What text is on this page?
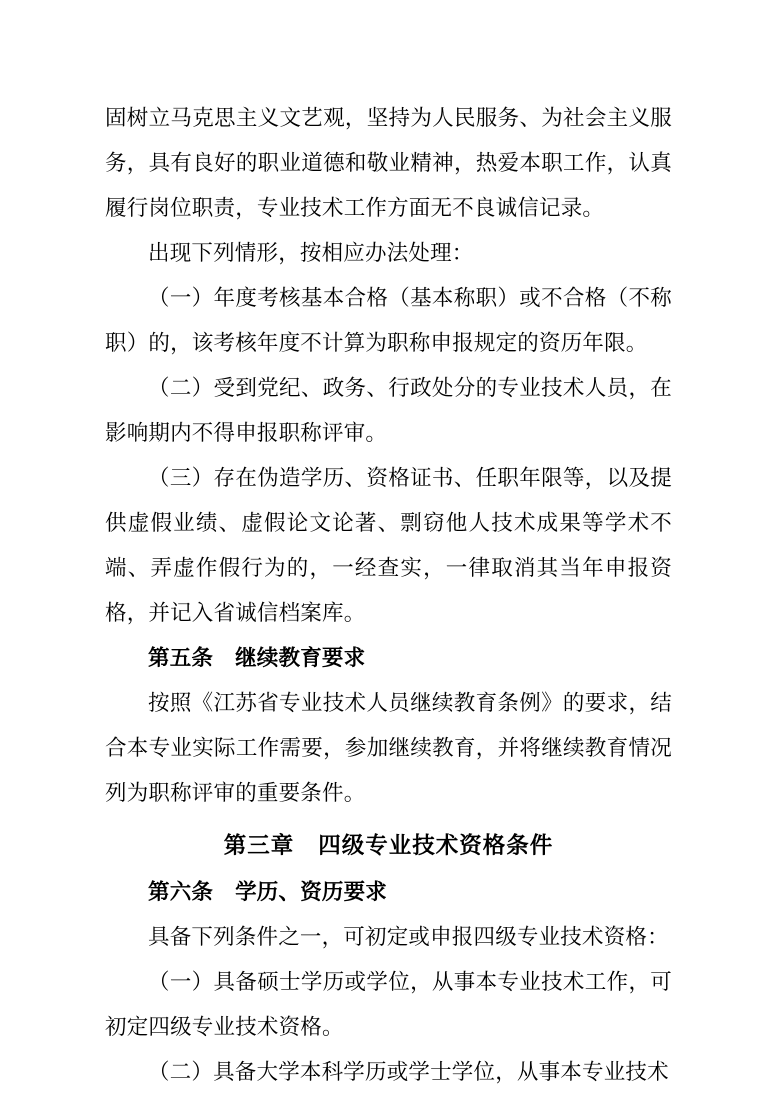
固树立马克思主义文艺观，坚持为人民服务、为社会主义服务，具有良好的职业道德和敬业精神，热爱本职工作，认真履行岗位职责，专业技术工作方面无不良诚信记录。

出现下列情形，按相应办法处理：

（一）年度考核基本合格（基本称职）或不合格（不称职）的，该考核年度不计算为职称申报规定的资历年限。

（二）受到党纪、政务、行政处分的专业技术人员，在影响期内不得申报职称评审。

（三）存在伪造学历、资格证书、任职年限等，以及提供虚假业绩、虚假论文论著、剽窃他人技术成果等学术不端、弄虚作假行为的，一经查实，一律取消其当年申报资格，并记入省诚信档案库。

第五条 继续教育要求

按照《江苏省专业技术人员继续教育条例》的要求，结合本专业实际工作需要，参加继续教育，并将继续教育情况列为职称评审的重要条件。

第三章 四级专业技术资格条件

第六条 学历、资历要求

具备下列条件之一，可初定或申报四级专业技术资格：

（一）具备硕士学历或学位，从事本专业技术工作，可初定四级专业技术资格。

（二）具备大学本科学历或学士学位，从事本专业技术
